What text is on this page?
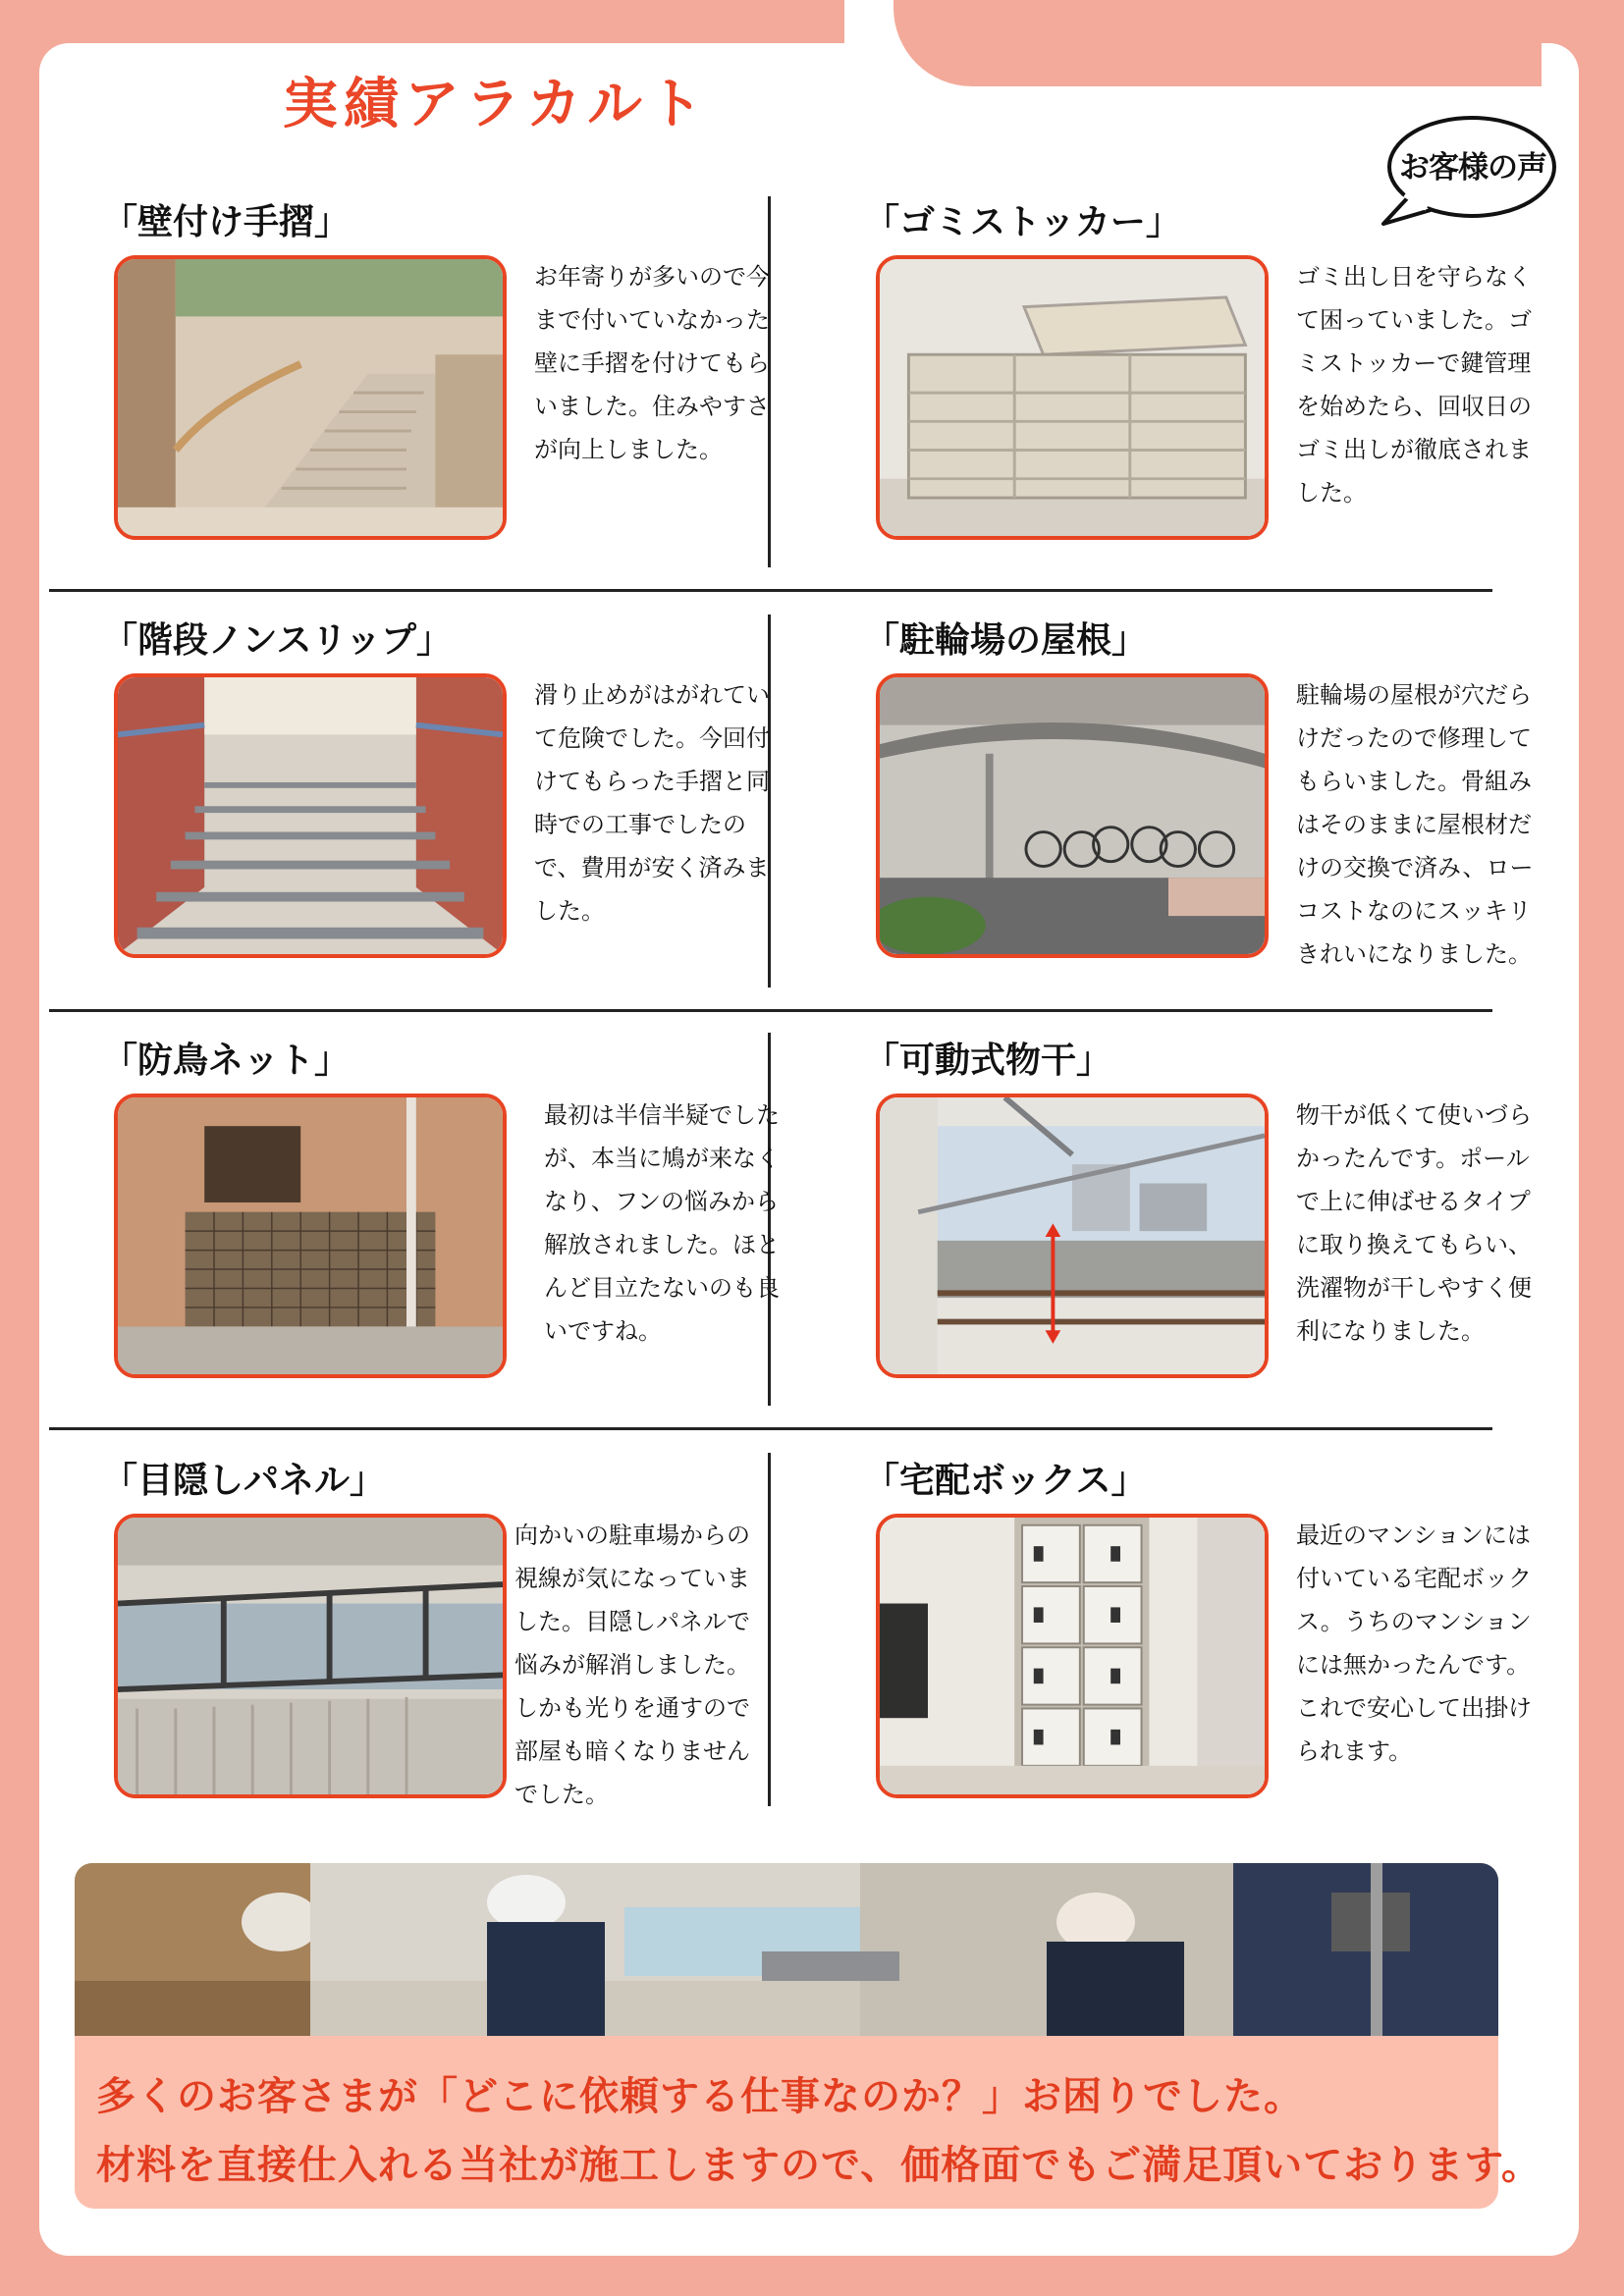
実績アラカルト
お客様の声
「壁付け手摺」
お年寄りが多いので今まで付いていなかった壁に手摺を付けてもらいました。住みやすさが向上しました。
「ゴミストッカー」
ゴミ出し日を守らなくて困っていました。ゴミストッカーで鍵管理を始めたら、回収日のゴミ出しが徹底されました。
「階段ノンスリップ」
滑り止めがはがれていて危険でした。今回付けてもらった手摺と同時での工事でしたので、費用が安く済みました。
「駐輪場の屋根」
駐輪場の屋根が穴だらけだったので修理してもらいました。骨組みはそのままに屋根材だけの交換で済み、ローコストなのにスッキリきれいになりました。
「防鳥ネット」
最初は半信半疑でしたが、本当に鳩が来なくなり、フンの悩みから解放されました。ほとんど目立たないのも良いですね。
「可動式物干」
物干が低くて使いづらかったんです。ポールで上に伸ばせるタイプに取り換えてもらい、洗濯物が干しやすく便利になりました。
「目隠しパネル」
向かいの駐車場からの視線が気になっていました。目隠しパネルで悩みが解消しました。しかも光りを通すので部屋も暗くなりませんでした。
「宅配ボックス」
最近のマンションには付いている宅配ボックス。うちのマンションには無かったんです。これで安心して出掛けられます。
多くのお客さまが「どこに依頼する仕事なのか？」お困りでした。
材料を直接仕入れる当社が施工しますので、価格面でもご満足頂いております。
